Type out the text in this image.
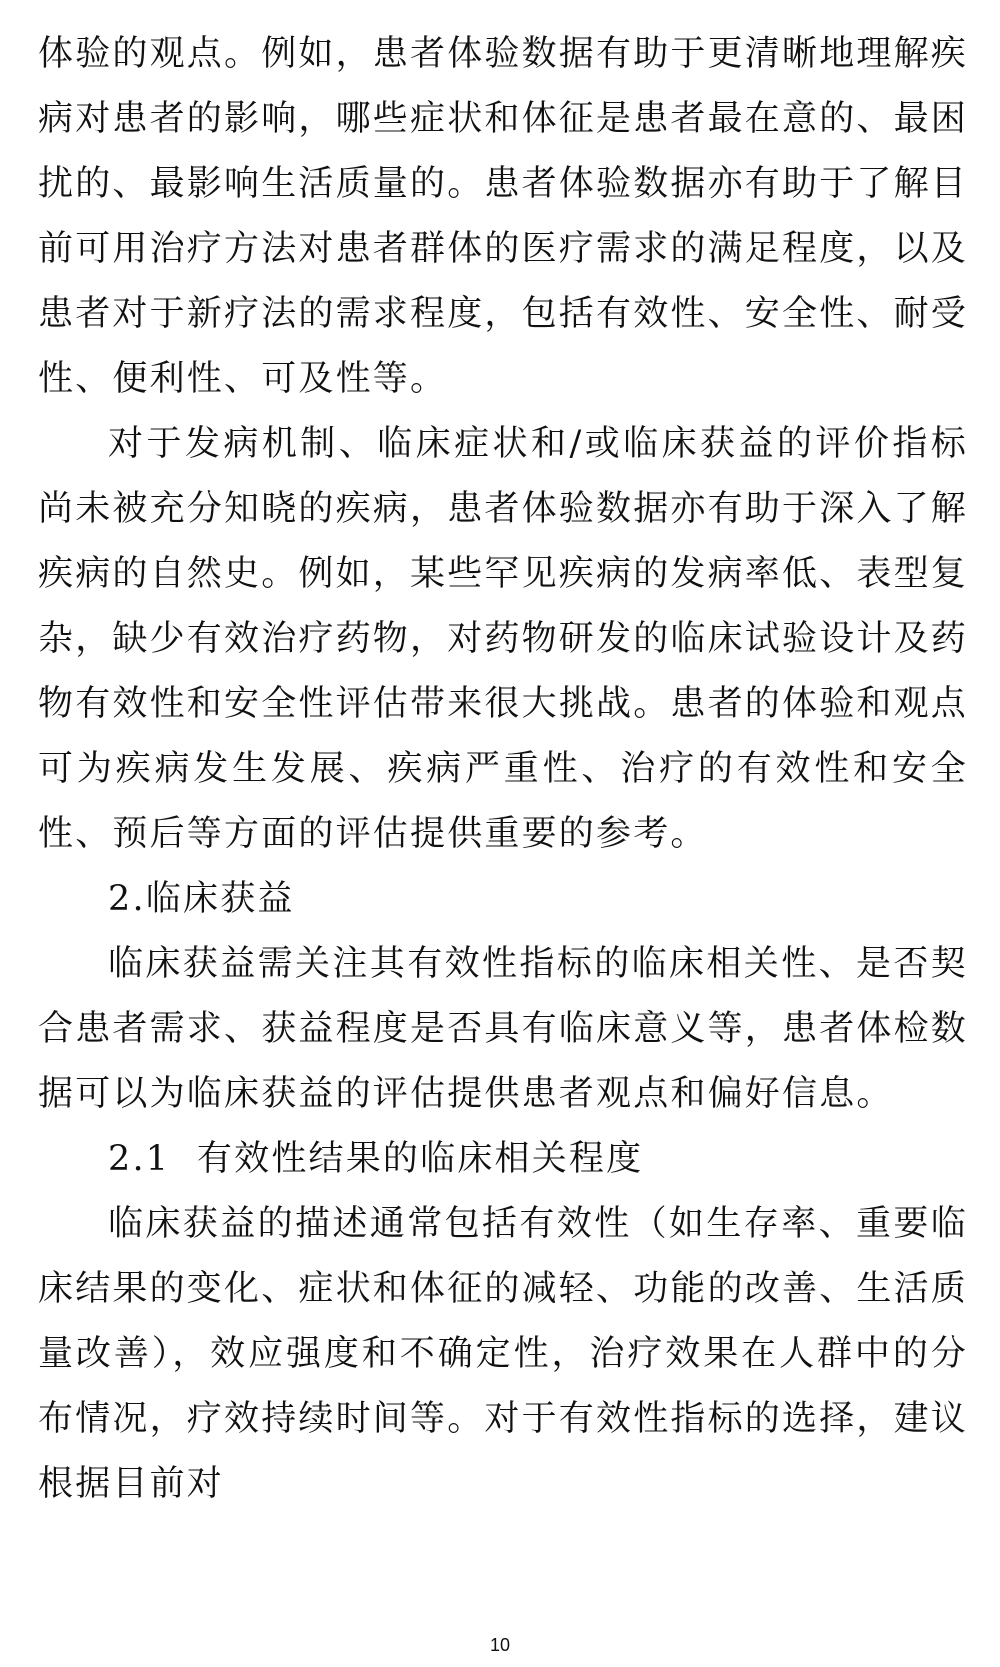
体验的观点。例如，患者体验数据有助于更清晰地理解疾病对患者的影响，哪些症状和体征是患者最在意的、最困扰的、最影响生活质量的。患者体验数据亦有助于了解目前可用治疗方法对患者群体的医疗需求的满足程度，以及患者对于新疗法的需求程度，包括有效性、安全性、耐受性、便利性、可及性等。

对于发病机制、临床症状和/或临床获益的评价指标尚未被充分知晓的疾病，患者体验数据亦有助于深入了解疾病的自然史。例如，某些罕见疾病的发病率低、表型复杂，缺少有效治疗药物，对药物研发的临床试验设计及药物有效性和安全性评估带来很大挑战。患者的体验和观点可为疾病发生发展、疾病严重性、治疗的有效性和安全性、预后等方面的评估提供重要的参考。

2.临床获益

临床获益需关注其有效性指标的临床相关性、是否契合患者需求、获益程度是否具有临床意义等，患者体检数据可以为临床获益的评估提供患者观点和偏好信息。

2.1  有效性结果的临床相关程度

临床获益的描述通常包括有效性（如生存率、重要临床结果的变化、症状和体征的减轻、功能的改善、生活质量改善），效应强度和不确定性，治疗效果在人群中的分布情况，疗效持续时间等。对于有效性指标的选择，建议根据目前对

10
